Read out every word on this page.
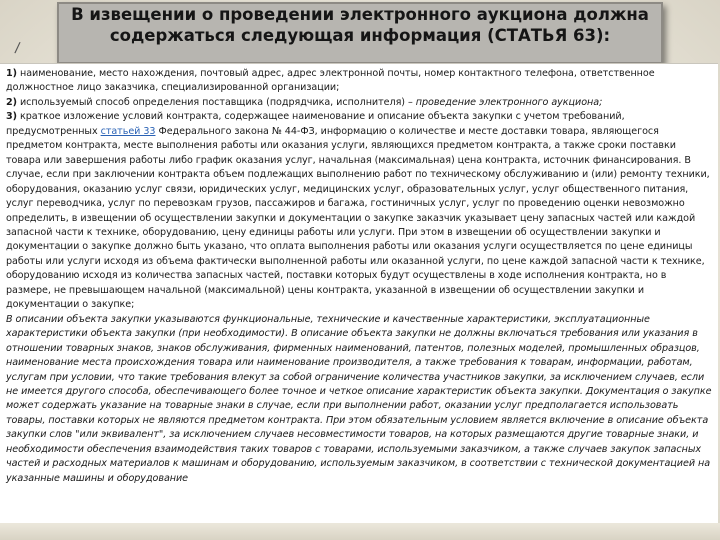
/
В извещении о проведении электронного аукциона должна содержаться следующая информация (СТАТЬЯ 63):

1) наименование, место нахождения, почтовый адрес, адрес электронной почты, номер контактного телефона, ответственное должностное лицо заказчика, специализированной организации;

2) используемый способ определения поставщика (подрядчика, исполнителя) – проведение электронного аукциона;

3) краткое изложение условий контракта, содержащее наименование и описание объекта закупки с учетом требований, предусмотренных статьей 33 Федерального закона № 44-ФЗ, информацию о количестве и месте доставки товара, являющегося предметом контракта, месте выполнения работы или оказания услуги, являющихся предметом контракта, а также сроки поставки товара или завершения работы либо график оказания услуг, начальная (максимальная) цена контракта, источник финансирования. В случае, если при заключении контракта объем подлежащих выполнению работ по техническому обслуживанию и (или) ремонту техники, оборудования, оказанию услуг связи, юридических услуг, медицинских услуг, образовательных услуг, услуг общественного питания, услуг переводчика, услуг по перевозкам грузов, пассажиров и багажа, гостиничных услуг, услуг по проведению оценки невозможно определить, в извещении об осуществлении закупки и документации о закупке заказчик указывает цену запасных частей или каждой запасной части к технике, оборудованию, цену единицы работы или услуги. При этом в извещении об осуществлении закупки и документации о закупке должно быть указано, что оплата выполнения работы или оказания услуги осуществляется по цене единицы работы или услуги исходя из объема фактически выполненной работы или оказанной услуги, по цене каждой запасной части к технике, оборудованию исходя из количества запасных частей, поставки которых будут осуществлены в ходе исполнения контракта, но в размере, не превышающем начальной (максимальной) цены контракта, указанной в извещении об осуществлении закупки и документации о закупке;

В описании объекта закупки указываются функциональные, технические и качественные характеристики, эксплуатационные характеристики объекта закупки (при необходимости). В описание объекта закупки не должны включаться требования или указания в отношении товарных знаков, знаков обслуживания, фирменных наименований, патентов, полезных моделей, промышленных образцов, наименование места происхождения товара или наименование производителя, а также требования к товарам, информации, работам, услугам при условии, что такие требования влекут за собой ограничение количества участников закупки, за исключением случаев, если не имеется другого способа, обеспечивающего более точное и четкое описание характеристик объекта закупки. Документация о закупке может содержать указание на товарные знаки в случае, если при выполнении работ, оказании услуг предполагается использовать товары, поставки которых не являются предметом контракта. При этом обязательным условием является включение в описание объекта закупки слов "или эквивалент", за исключением случаев несовместимости товаров, на которых размещаются другие товарные знаки, и необходимости обеспечения взаимодействия таких товаров с товарами, используемыми заказчиком, а также случаев закупок запасных частей и расходных материалов к машинам и оборудованию, используемым заказчиком, в соответствии с технической документацией на указанные машины и оборудование
